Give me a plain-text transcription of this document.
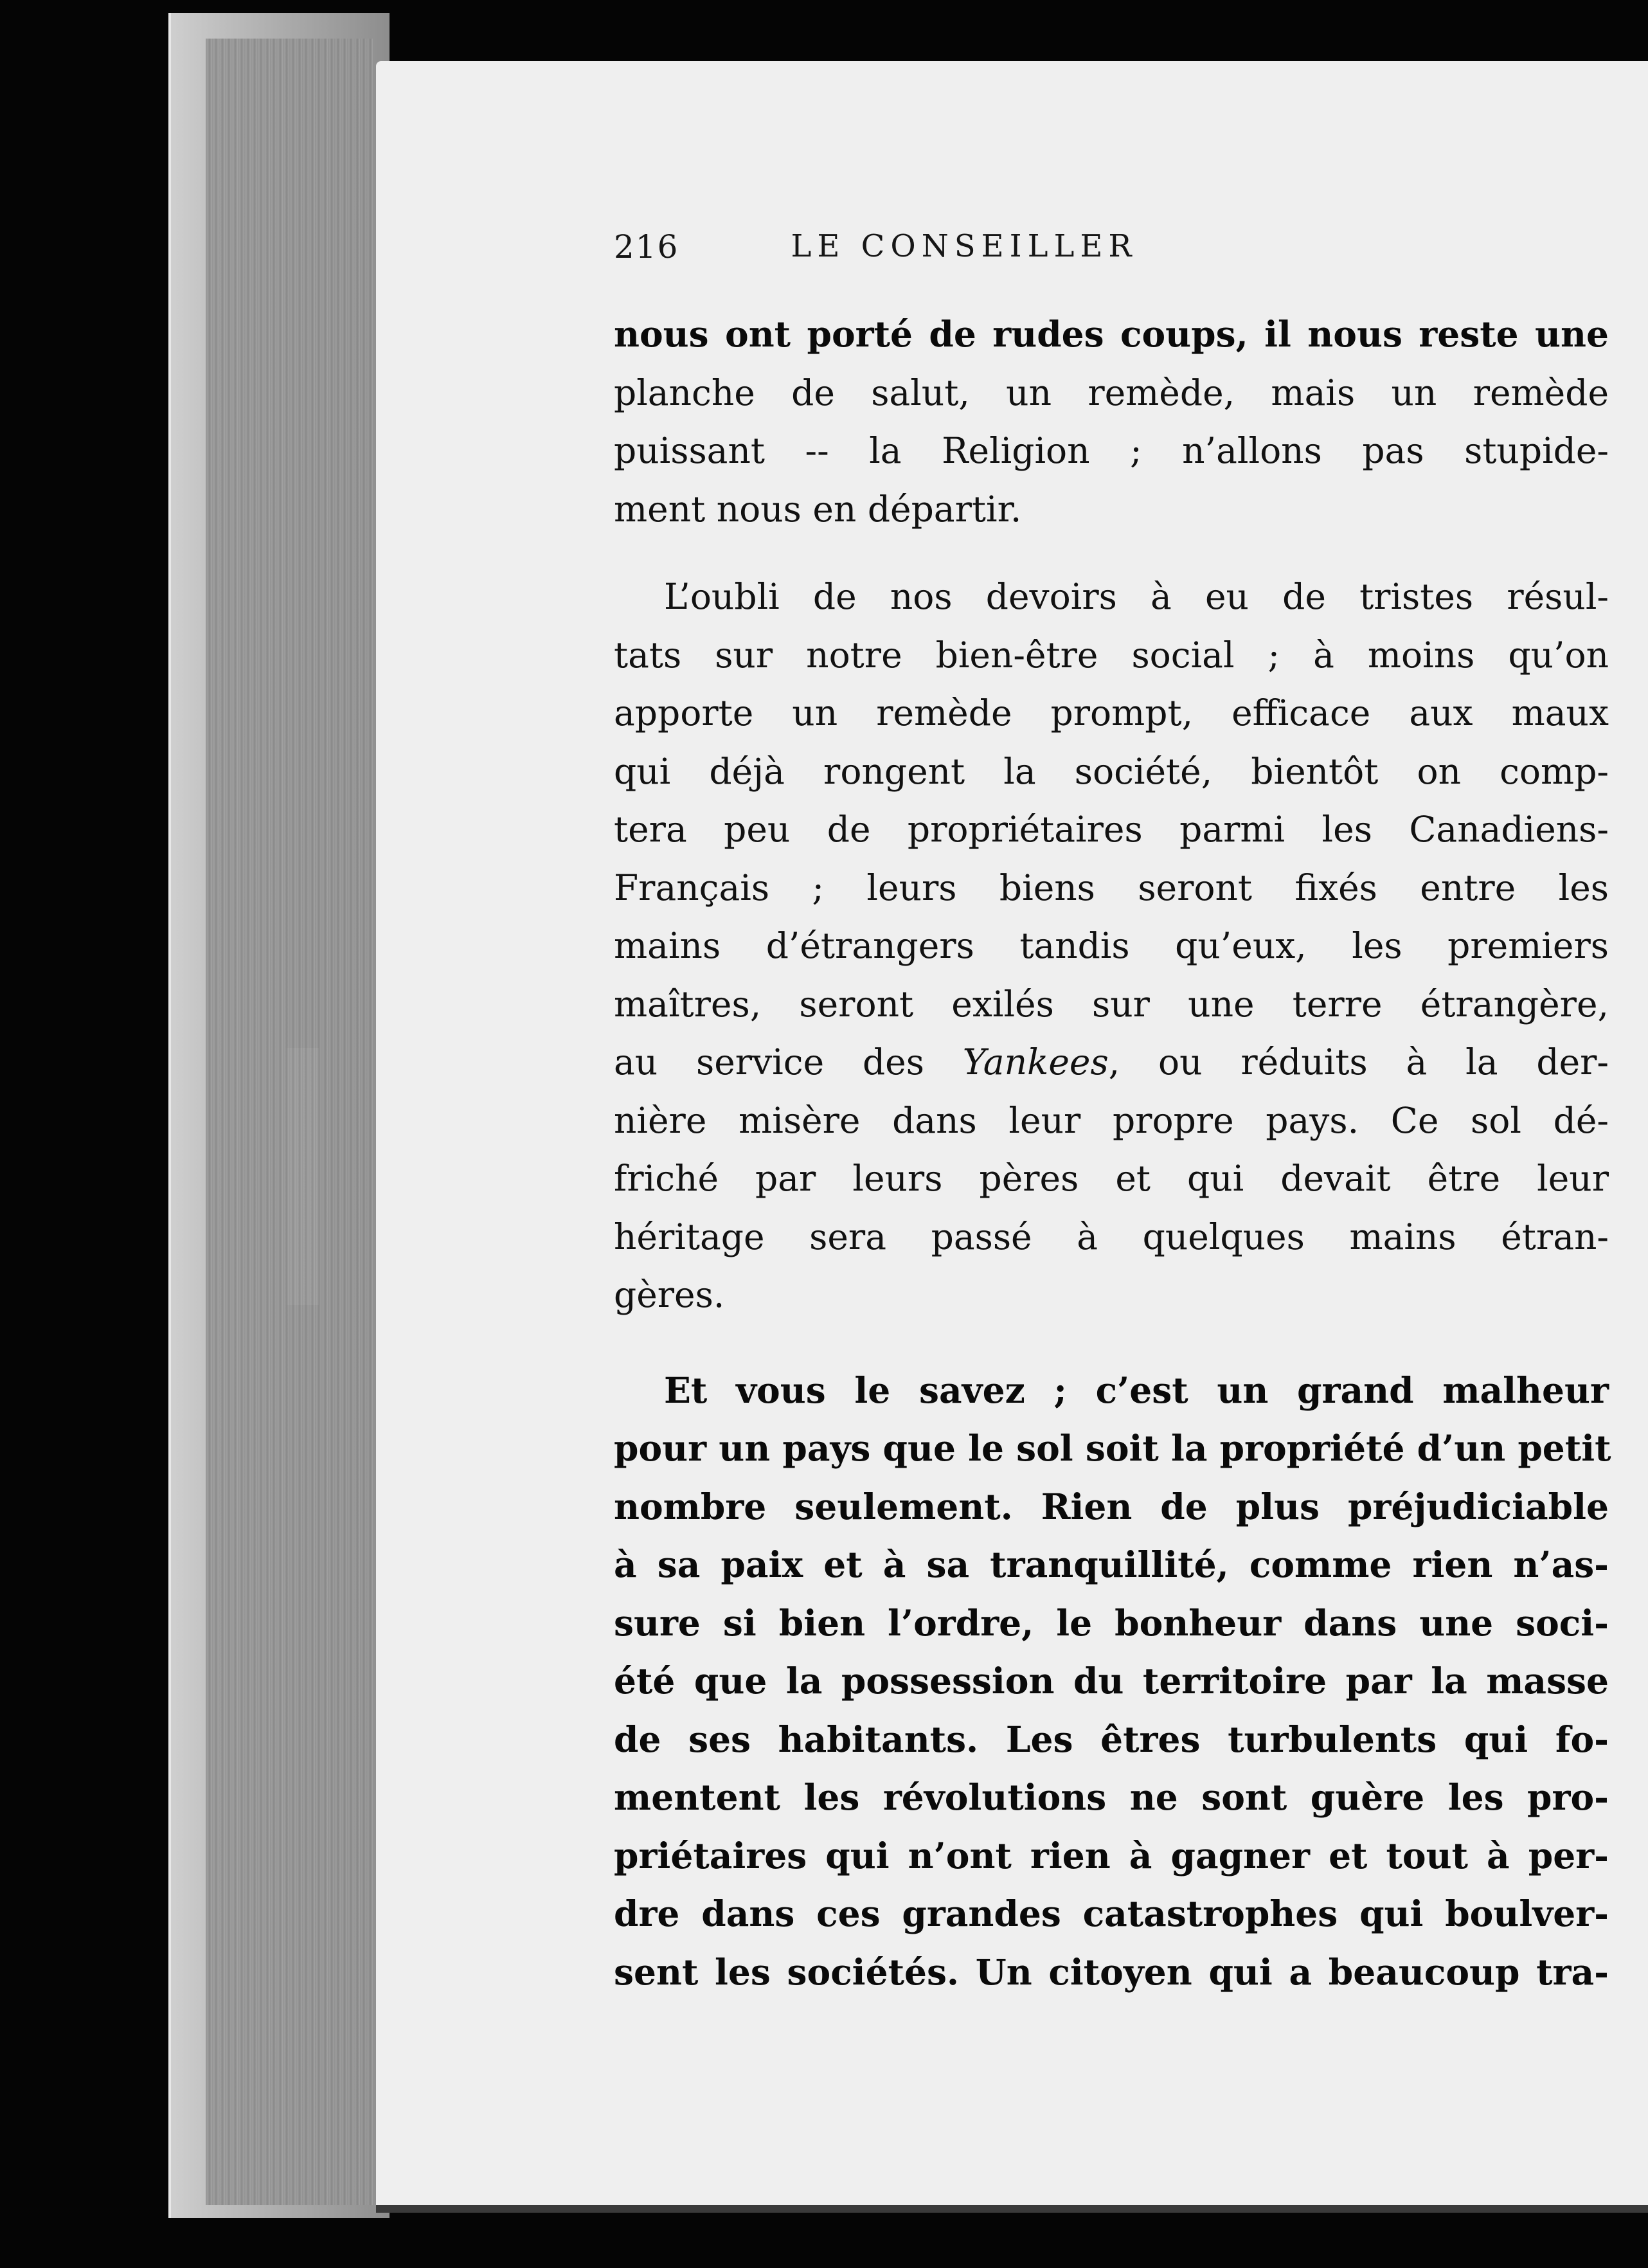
216	LE CONSEILLER
nous ont porté de rudes coups, il nous reste une
planche de salut, un remède, mais un remède
puissant -- la Religion ; n’allons pas stupide-
ment nous en départir.
L’oubli de nos devoirs à eu de tristes résul-
tats sur notre bien-être social ; à moins qu’on
apporte un remède prompt, efficace aux maux
qui déjà rongent la société, bientôt on comp-
tera peu de propriétaires parmi les Canadiens-
Français ; leurs biens seront fixés entre les
mains d’étrangers tandis qu’eux, les premiers
maîtres, seront exilés sur une terre étrangère,
au service des Yankees, ou réduits à la der-
nière misère dans leur propre pays. Ce sol dé-
friché par leurs pères et qui devait être leur
héritage sera passé à quelques mains étran-
gères.
Et vous le savez ; c’est un grand malheur
pour un pays que le sol soit la propriété d’un petit
nombre seulement. Rien de plus préjudiciable
à sa paix et à sa tranquillité, comme rien n’as-
sure si bien l’ordre, le bonheur dans une soci-
été que la possession du territoire par la masse
de ses habitants. Les êtres turbulents qui fo-
mentent les révolutions ne sont guère les pro-
priétaires qui n’ont rien à gagner et tout à per-
dre dans ces grandes catastrophes qui boulver-
sent les sociétés. Un citoyen qui a beaucoup tra-
